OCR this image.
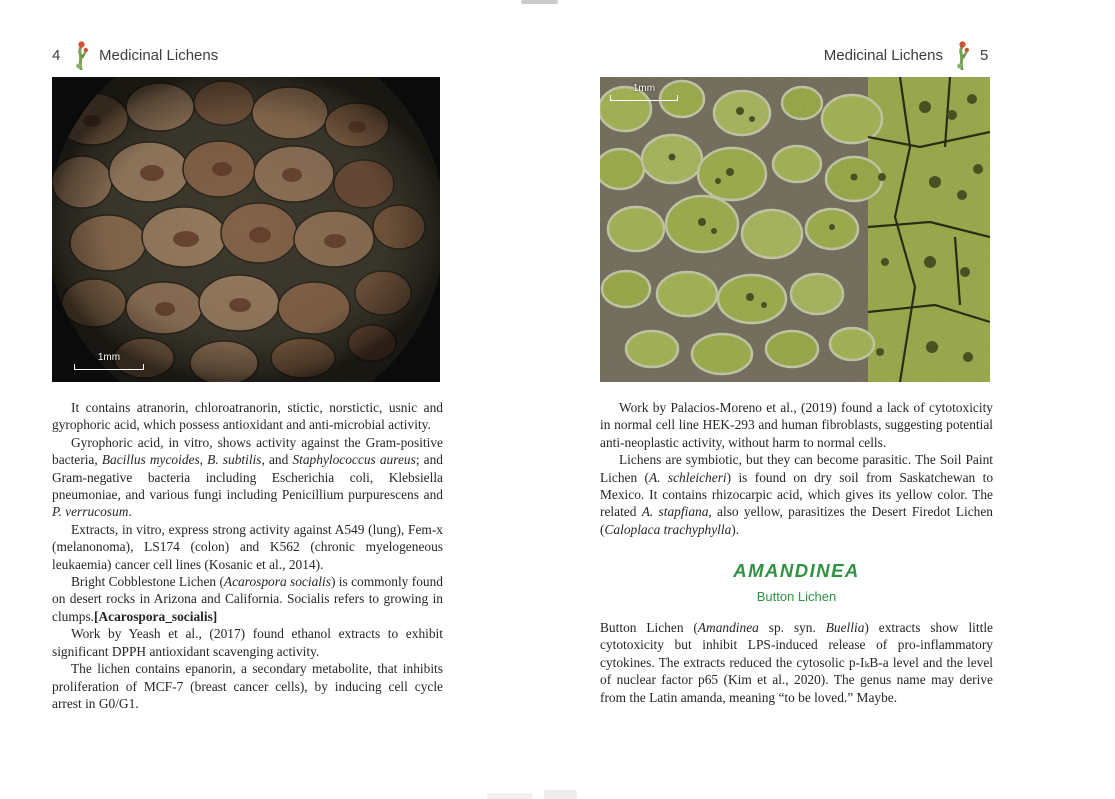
4	Medicinal Lichens	Medicinal Lichens 5
1mm
1mm

It contains atranorin, chloroatranorin, stictic, norstictic, usnic and gyrophoric acid, which possess antioxidant and anti-microbial activity.

Gyrophoric acid, in vitro, shows activity against the Gram-positive bacteria, Bacillus mycoides, B. subtilis, and Staphylococcus aureus; and Gram-negative bacteria including Escherichia coli, Klebsiella pneumoniae, and various fungi including Penicillium purpurescens and P. verrucosum.

Extracts, in vitro, express strong activity against A549 (lung), Fem-x (melanonoma), LS174 (colon) and K562 (chronic myelogeneous leukaemia) cancer cell lines (Kosanic et al., 2014).

Bright Cobblestone Lichen (Acarospora socialis) is commonly found on desert rocks in Arizona and California. Socialis refers to growing in clumps.[Acarospora_socialis]

Work by Yeash et al., (2017) found ethanol extracts to exhibit significant DPPH antioxidant scavenging activity.

The lichen contains epanorin, a secondary metabolite, that inhibits proliferation of MCF-7 (breast cancer cells), by inducing cell cycle arrest in G0/G1.

Work by Palacios-Moreno et al., (2019) found a lack of cytotoxicity in normal cell line HEK-293 and human fibroblasts, suggesting potential anti-neoplastic activity, without harm to normal cells.

Lichens are symbiotic, but they can become parasitic. The Soil Paint Lichen (A. schleicheri) is found on dry soil from Saskatchewan to Mexico. It contains rhizocarpic acid, which gives its yellow color. The related A. stapfiana, also yellow, parasitizes the Desert Firedot Lichen (Caloplaca trachyphylla).

AMANDINEA
Button Lichen

Button Lichen (Amandinea sp. syn. Buellia) extracts show little cytotoxicity but inhibit LPS-induced release of pro-inflammatory cytokines. The extracts reduced the cytosolic p-IₖB-a level and the level of nuclear factor p65 (Kim et al., 2020). The genus name may derive from the Latin amanda, meaning “to be loved.” Maybe.
